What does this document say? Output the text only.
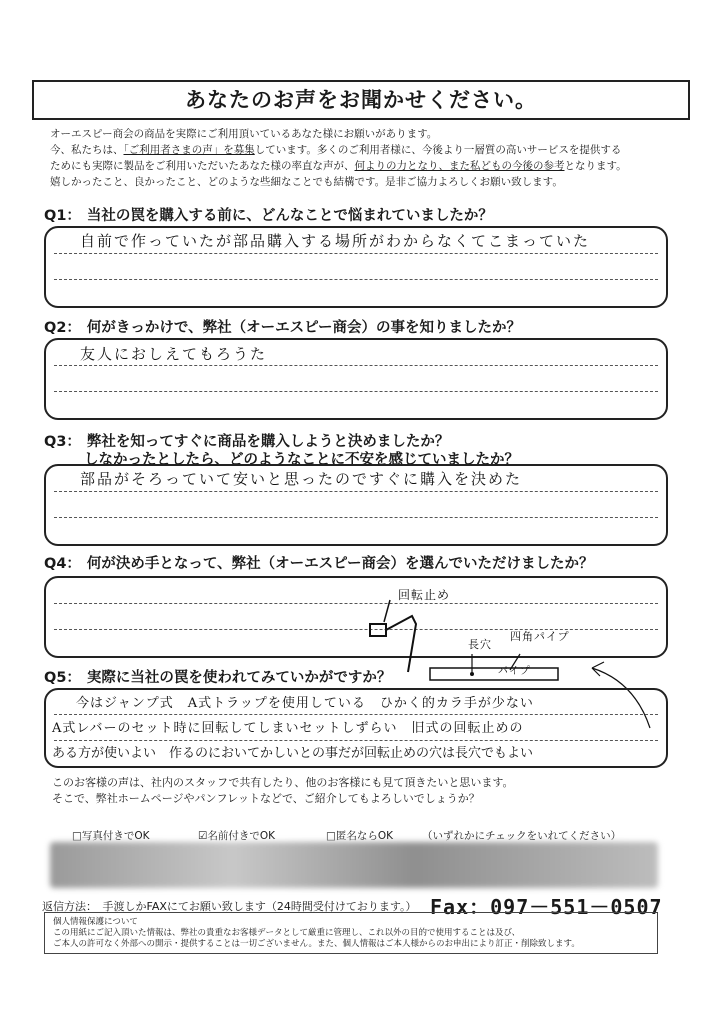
あなたのお声をお聞かせください。
オーエスピー商会の商品を実際にご利用頂いているあなた様にお願いがあります。
今、私たちは、「ご利用者さまの声」を募集しています。多くのご利用者様に、今後より一層質の高いサービスを提供する
ためにも実際に製品をご利用いただいたあなた様の率直な声が、何よりの力となり、また私どもの今後の参考となります。
嬉しかったこと、良かったこと、どのような些細なことでも結構です。是非ご協力よろしくお願い致します。
Q1： 当社の罠を購入する前に、どんなことで悩まれていましたか？
自前で作っていたが部品購入する場所がわからなくてこまっていた
Q2： 何がきっかけで、弊社（オーエスピー商会）の事を知りましたか？
友人におしえてもろうた
Q3： 弊社を知ってすぐに商品を購入しようと決めましたか？
しなかったとしたら、どのようなことに不安を感じていましたか？
部品がそろっていて安いと思ったのですぐに購入を決めた
Q4： 何が決め手となって、弊社（オーエスピー商会）を選んでいただけましたか？
回転止め
長穴
四角パイプ
パイプ
Q5： 実際に当社の罠を使われてみていかがですか？
今はジャンプ式　A式トラップを使用している　ひかく的カラ手が少ない
A式レバーのセット時に回転してしまいセットしずらい　旧式の回転止めの
ある方が使いよい　作るのにおいてかしいとの事だが回転止めの穴は長穴でもよい
このお客様の声は、社内のスタッフで共有したり、他のお客様にも見て頂きたいと思います。
そこで、弊社ホームページやパンフレットなどで、ご紹介してもよろしいでしょうか？
□写真付きでOK	☑名前付きでOK	□匿名ならOK	（いずれかにチェックをいれてください）
返信方法：　手渡しかFAXにてお願い致します（24時間受付けております。） Fax：097－551－0507
個人情報保護について
この用紙にご記入頂いた情報は、弊社の貴重なお客様データとして厳重に管理し、これ以外の目的で使用することは及び、
ご本人の許可なく外部への開示・提供することは一切ございません。また、個人情報はご本人様からのお申出により訂正・削除致します。
